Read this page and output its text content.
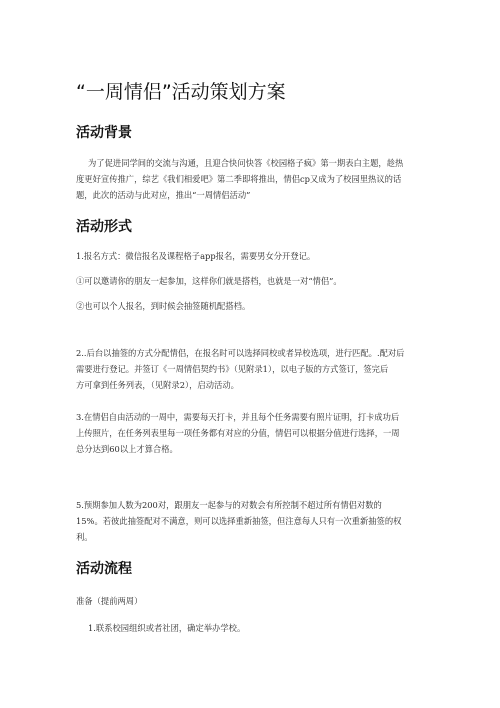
“一周情侣”活动策划方案
活动背景

为了促进同学间的交流与沟通，且迎合快问快答《校园格子疯》第一期表白主题，趁热
度更好宣传推广，综艺《我们相爱吧》第二季即将推出，情侣cp又成为了校园里热议的话
题，此次的活动与此对应，推出“一周情侣活动”

活动形式

1.报名方式：微信报名及课程格子app报名，需要男女分开登记。

①可以邀请你的朋友一起参加，这样你们就是搭档，也就是一对“情侣”。

②也可以个人报名，到时候会抽签随机配搭档。

2..后台以抽签的方式分配情侣，在报名时可以选择同校或者异校选项，进行匹配。.配对后
需要进行登记。并签订《一周情侣契约书》（见附录1），以电子版的方式签订，签完后
方可拿到任务列表，（见附录2），启动活动。

3.在情侣自由活动的一周中，需要每天打卡，并且每个任务需要有照片证明，打卡成功后
上传照片，在任务列表里每一项任务都有对应的分值，情侣可以根据分值进行选择，一周
总分达到60以上才算合格。

5.预期参加人数为200对，跟朋友一起参与的对数会有所控制不超过所有情侣对数的
15%。若彼此抽签配对不满意，则可以选择重新抽签，但注意每人只有一次重新抽签的权
利。

活动流程

准备（提前两周）

1.联系校园组织或者社团，确定举办学校。
